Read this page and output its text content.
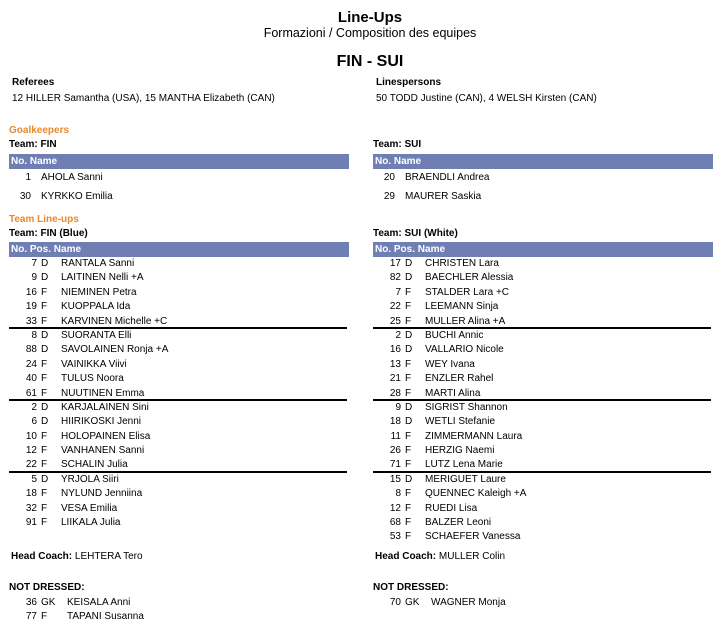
Line-Ups
Formazioni / Composition des equipes
FIN - SUI
Referees
12 HILLER Samantha (USA), 15 MANTHA Elizabeth (CAN)
Linespersons
50 TODD Justine (CAN), 4 WELSH Kirsten (CAN)
Goalkeepers
Team Line-ups
Team: FIN
No. Name
1	AHOLA Sanni
30	KYRKKO Emilia
Team: FIN (Blue)
No. Pos. Name
7 D	RANTALA Sanni
9 D	LAITINEN Nelli +A
16 F	NIEMINEN Petra
19 F	KUOPPALA Ida
33 F	KARVINEN Michelle +C
8 D	SUORANTA Elli
88 D	SAVOLAINEN Ronja +A
24 F	VAINIKKA Viivi
40 F	TULUS Noora
61 F	NUUTINEN Emma
2 D	KARJALAINEN Sini
6 D	HIIRIKOSKI Jenni
10 F	HOLOPAINEN Elisa
12 F	VANHANEN Sanni
22 F	SCHALIN Julia
5 D	YRJOLA Siiri
18 F	NYLUND Jenniina
32 F	VESA Emilia
91 F	LIIKALA Julia
Head Coach: LEHTERA Tero
NOT DRESSED:
36 GK	KEISALA Anni
77 F	TAPANI Susanna
Team: SUI
No. Name
20	BRAENDLI Andrea
29	MAURER Saskia
Team: SUI (White)
No. Pos. Name
17 D	CHRISTEN Lara
82 D	BAECHLER Alessia
7 F	STALDER Lara +C
22 F	LEEMANN Sinja
25 F	MULLER Alina +A
2 D	BUCHI Annic
16 D	VALLARIO Nicole
13 F	WEY Ivana
21 F	ENZLER Rahel
28 F	MARTI Alina
9 D	SIGRIST Shannon
18 D	WETLI Stefanie
11 F	ZIMMERMANN Laura
26 F	HERZIG Naemi
71 F	LUTZ Lena Marie
15 D	MERIGUET Laure
8 F	QUENNEC Kaleigh +A
12 F	RUEDI Lisa
68 F	BALZER Leoni
53 F	SCHAEFER Vanessa
Head Coach: MULLER Colin
NOT DRESSED:
70 GK	WAGNER Monja
